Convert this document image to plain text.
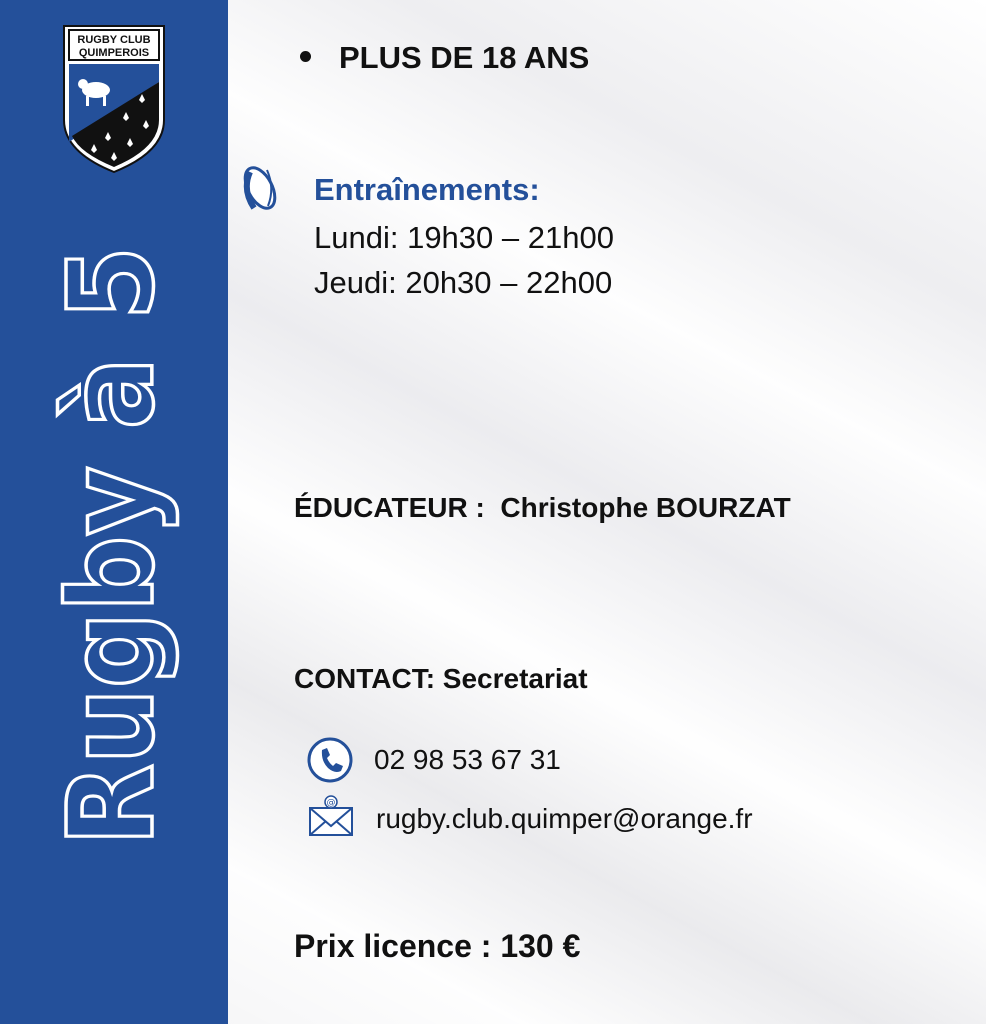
RUGBY CLUB
QUIMPEROIS
Rugby à 5
PLUS DE 18 ANS
Entraînements:
Lundi: 19h30 – 21h00
Jeudi: 20h30 – 22h00
ÉDUCATEUR :  Christophe BOURZAT
CONTACT: Secretariat
02 98 53 67 31
@ rugby.club.quimper@orange.fr
Prix licence : 130 €
